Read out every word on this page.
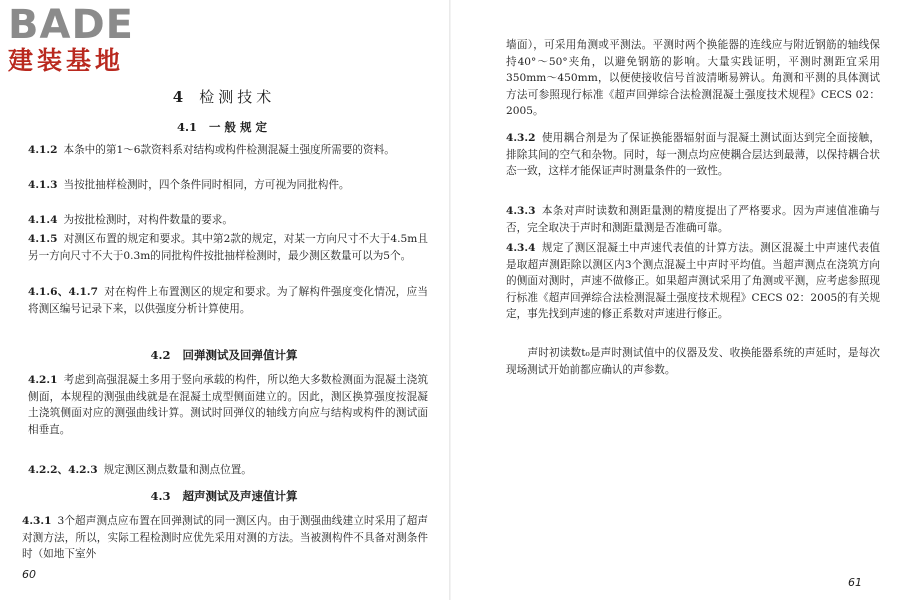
BADE
建装基地
4 检测技术
4.1 一般规定

4.1.2 本条中的第1～6款资料系对结构或构件检测混凝土强度所需要的资料。

4.1.3 当按批抽样检测时，四个条件同时相同，方可视为同批构件。

4.1.4 为按批检测时，对构件数量的要求。

4.1.5 对测区布置的规定和要求。其中第2款的规定，对某一方向尺寸不大于4.5m且另一方向尺寸不大于0.3m的同批构件按批抽样检测时，最少测区数量可以为5个。

4.1.6、4.1.7 对在构件上布置测区的规定和要求。为了解构件强度变化情况，应当将测区编号记录下来，以供强度分析计算使用。

4.2 回弹测试及回弹值计算

4.2.1 考虑到高强混凝土多用于竖向承载的构件，所以绝大多数检测面为混凝土浇筑侧面，本规程的测强曲线就是在混凝土成型侧面建立的。因此，测区换算强度按混凝土浇筑侧面对应的测强曲线计算。测试时回弹仪的轴线方向应与结构或构件的测试面相垂直。

4.2.2、4.2.3 规定测区测点数量和测点位置。

4.3 超声测试及声速值计算

4.3.1 3个超声测点应布置在回弹测试的同一测区内。由于测强曲线建立时采用了超声对测方法，所以，实际工程检测时应优先采用对测的方法。当被测构件不具备对测条件时（如地下室外

60

墙面），可采用角测或平测法。平测时两个换能器的连线应与附近钢筋的轴线保持40°～50°夹角，以避免钢筋的影响。大量实践证明，平测时测距宜采用350mm～450mm，以便使接收信号首波清晰易辨认。角测和平测的具体测试方法可参照现行标准《超声回弹综合法检测混凝土强度技术规程》CECS 02：2005。

4.3.2 使用耦合剂是为了保证换能器辐射面与混凝土测试面达到完全面接触，排除其间的空气和杂物。同时，每一测点均应使耦合层达到最薄，以保持耦合状态一致，这样才能保证声时测量条件的一致性。

4.3.3 本条对声时读数和测距量测的精度提出了严格要求。因为声速值准确与否，完全取决于声时和测距量测是否准确可靠。

4.3.4 规定了测区混凝土中声速代表值的计算方法。测区混凝土中声速代表值是取超声测距除以测区内3个测点混凝土中声时平均值。当超声测点在浇筑方向的侧面对测时，声速不做修正。如果超声测试采用了角测或平测，应考虑参照现行标准《超声回弹综合法检测混凝土强度技术规程》CECS 02：2005的有关规定，事先找到声速的修正系数对声速进行修正。

　　声时初读数t₀是声时测试值中的仪器及发、收换能器系统的声延时，是每次现场测试开始前都应确认的声参数。

61
